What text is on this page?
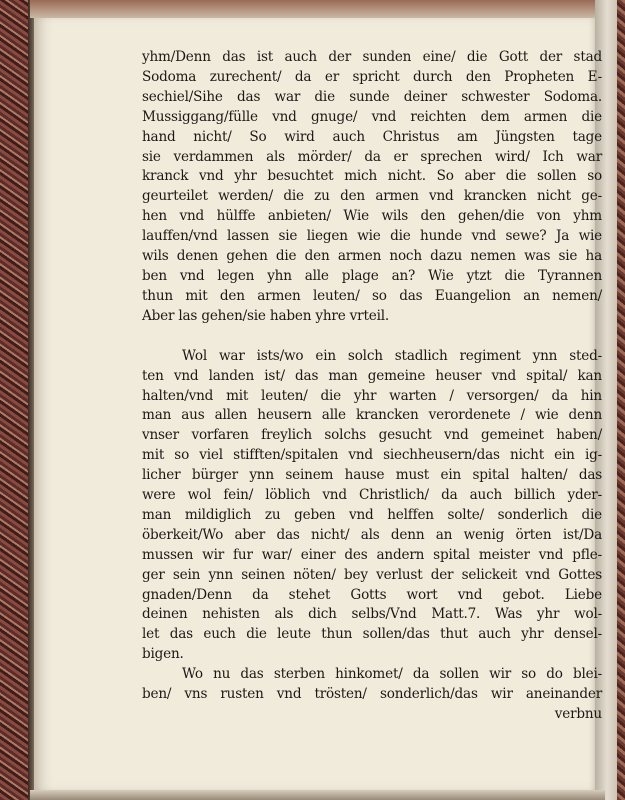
yhm/Denn das ist auch der sunden eine/ die Gott der stad
Sodoma zurechent/ da er spricht durch den Propheten E-
sechiel/Sihe das war die sunde deiner schwester Sodoma.
Mussiggang/fülle vnd gnuge/ vnd reichten dem armen die
hand nicht/ So wird auch Christus am Jüngsten tage
sie verdammen als mörder/ da er sprechen wird/ Ich war
kranck vnd yhr besuchtet mich nicht. So aber die sollen so
geurteilet werden/ die zu den armen vnd krancken nicht ge-
hen vnd hülffe anbieten/ Wie wils den gehen/die von yhm
lauffen/vnd lassen sie liegen wie die hunde vnd sewe? Ja wie
wils denen gehen die den armen noch dazu nemen was sie ha
ben vnd legen yhn alle plage an? Wie ytzt die Tyrannen
thun mit den armen leuten/ so das Euangelion an nemen/
Aber las gehen/sie haben yhre vrteil.
Wol war ists/wo ein solch stadlich regiment ynn sted-
ten vnd landen ist/ das man gemeine heuser vnd spital/ kan
halten/vnd mit leuten/ die yhr warten / versorgen/ da hin
man aus allen heusern alle krancken verordenete / wie denn
vnser vorfaren freylich solchs gesucht vnd gemeinet haben/
mit so viel stifften/spitalen vnd siechheusern/das nicht ein ig-
licher bürger ynn seinem hause must ein spital halten/ das
were wol fein/ löblich vnd Christlich/ da auch billich yder-
man mildiglich zu geben vnd helffen solte/ sonderlich die
öberkeit/Wo aber das nicht/ als denn an wenig örten ist/Da
mussen wir fur war/ einer des andern spital meister vnd pfle-
ger sein ynn seinen nöten/ bey verlust der selickeit vnd Gottes
gnaden/Denn da stehet Gotts wort vnd gebot. Liebe
deinen nehisten als dich selbs/Vnd Matt.7. Was yhr wol-
let das euch die leute thun sollen/das thut auch yhr densel-
bigen.
Wo nu das sterben hinkomet/ da sollen wir so do blei-
ben/ vns rusten vnd trösten/ sonderlich/das wir aneinander
verbnu
